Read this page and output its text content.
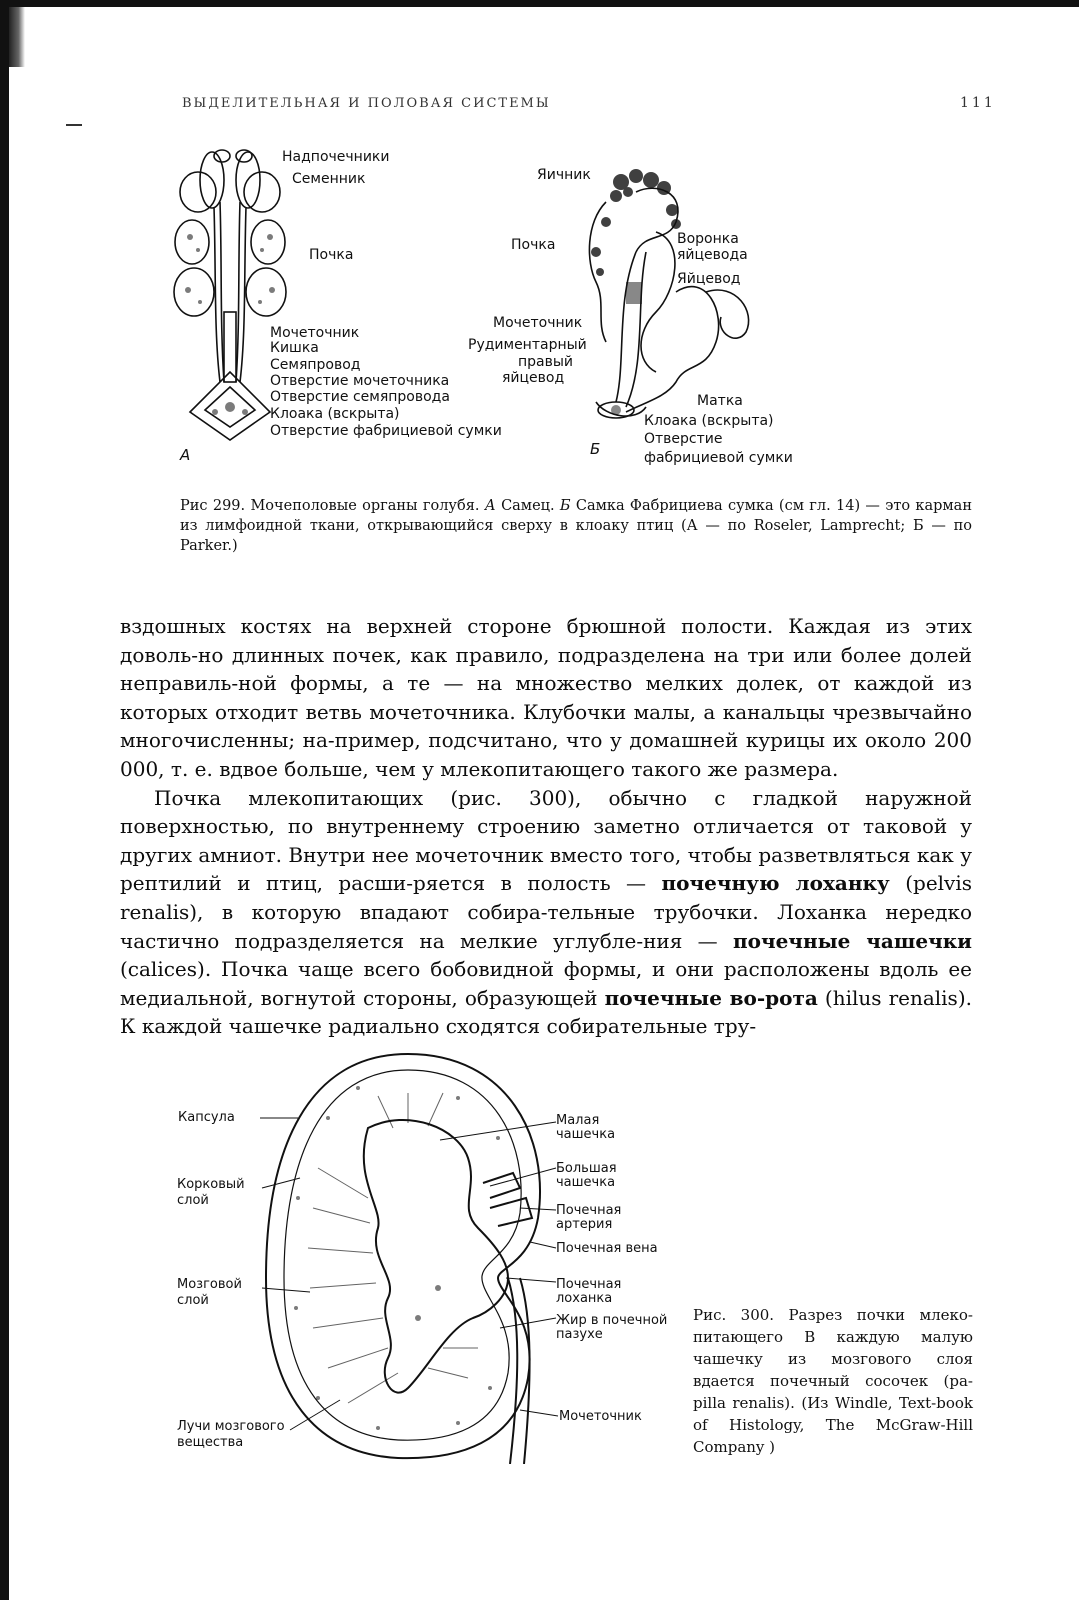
ВЫДЕЛИТЕЛЬНАЯ И ПОЛОВАЯ СИСТЕМЫ	111
Надпочечники
Семенник
Почка
Мочеточник
Кишка
Семяпровод
Отверстие мочеточника
Отверстие семяпровода
Клоака (вскрыта)
Отверстие фабрициевой сумки
А
Яичник
Почка	Воронка
яйцевода
Яйцевод
Мочеточник
Рудиментарный
правый
яйцевод
Матка
Клоака (вскрыта)
Отверстие
фабрициевой сумки
Б
Рис 299. Мочеполовые органы голубя. А Самец. Б Самка Фабрициева сумка (см гл. 14) — это карман из лимфоидной ткани, открывающийся сверху в клоаку птиц (А — по Roseler, Lamprecht; Б — по Parker.)

вздошных костях на верхней стороне брюшной полости. Каждая из этих доволь-но длинных почек, как правило, подразделена на три или более долей неправиль-ной формы, а те — на множество мелких долек, от каждой из которых отходит ветвь мочеточника. Клубочки малы, а канальцы чрезвычайно многочисленны; на-пример, подсчитано, что у домашней курицы их около 200 000, т. е. вдвое больше, чем у млекопитающего такого же размера.

Почка млекопитающих (рис. 300), обычно с гладкой наружной поверхностью, по внутреннему строению заметно отличается от таковой у других амниот. Внутри нее мочеточник вместо того, чтобы разветвляться как у рептилий и птиц, расши-ряется в полость — почечную лоханку (pelvis renalis), в которую впадают собира-тельные трубочки. Лоханка нередко частично подразделяется на мелкие углубле-ния — почечные чашечки (calices). Почка чаще всего бобовидной формы, и они расположены вдоль ее медиальной, вогнутой стороны, образующей почечные во-рота (hilus renalis). К каждой чашечке радиально сходятся собирательные тру-

Капсула
Корковый
слой
Мозговой
слой
Лучи мозгового
вещества
Малая
чашечка
Большая
чашечка
Почечная
артерия
Почечная вена
Почечная
лоханка
Жир в почечной
пазухе
Мочеточник
Рис. 300. Разрез почки млеко-питающего В каждую малую чашечку из мозгового слоя вдается почечный сосочек (pa-pilla renalis). (Из Windle, Text-book of Histology, The McGraw-Hill Company )
